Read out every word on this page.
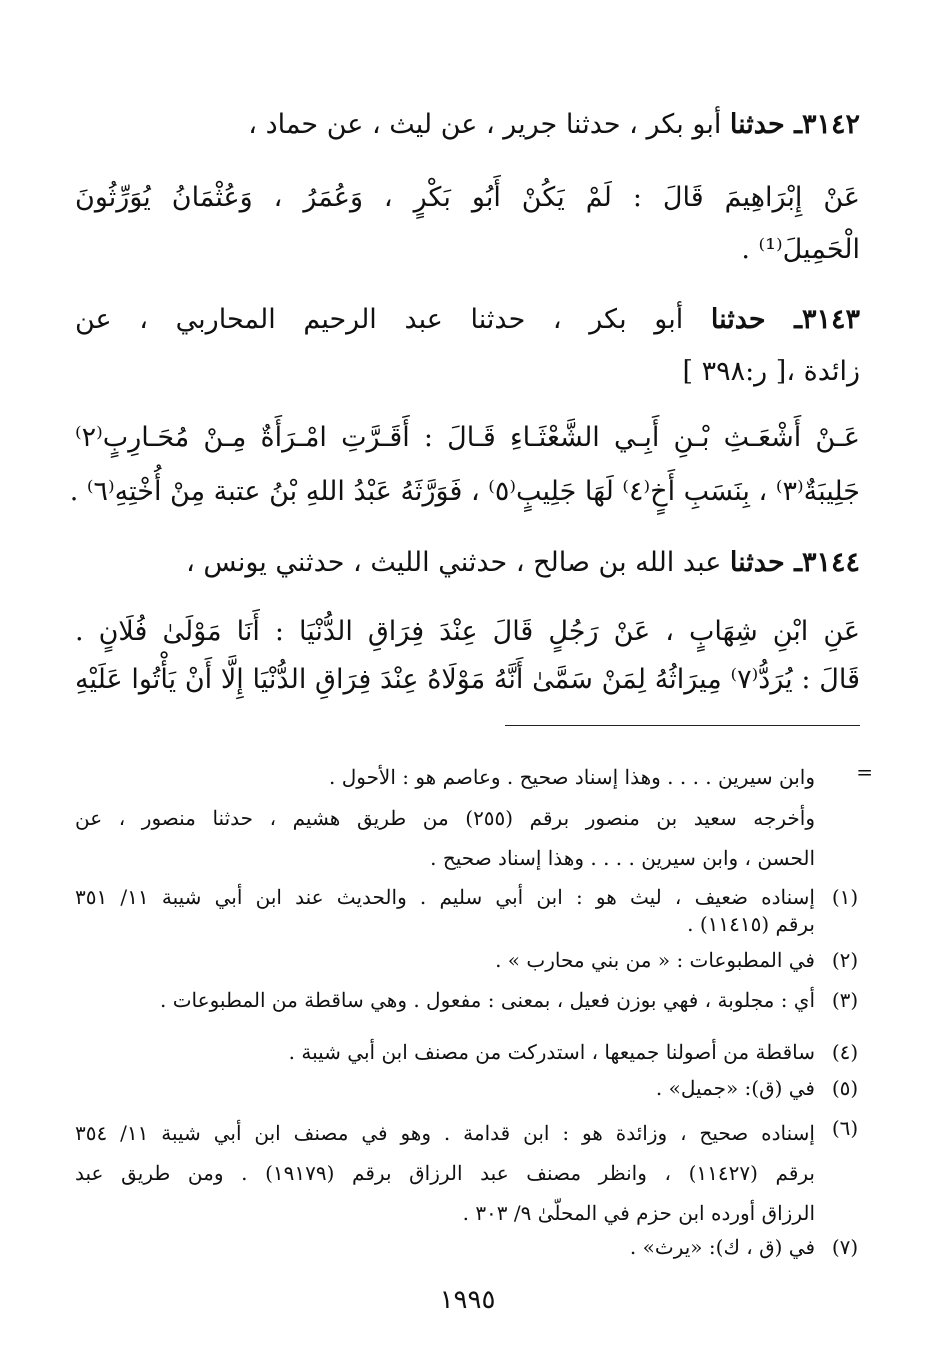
٣١٤٢ـ حدثنا أبو بكر ، حدثنا جرير ، عن ليث ، عن حماد ،
عَنْ إِبْرَاهِيمَ قَالَ : لَمْ يَكُنْ أَبُو بَكْرٍ ، وَعُمَرُ ، وَعُثْمَانُ يُوَرِّثُونَ
الْحَمِيلَ⁽¹⁾ .
٣١٤٣ـ حدثنا أبو بكر ، حدثنا عبد الرحيم المحاربي ، عن
زائدة ،[ ر:٣٩٨ ]
عَـنْ أَشْعَـثِ بْـنِ أَبِـي الشَّعْثَـاءِ قَـالَ : أَقَـرَّتِ امْـرَأَةٌ مِـنْ مُحَـارِبٍ⁽٢⁾
جَلِيبَةٌ⁽٣⁾ ، بِنَسَبِ أَخٍ⁽٤⁾ لَهَا جَلِيبٍ⁽٥⁾ ، فَوَرَّثَهُ عَبْدُ اللهِ بْنُ عتبة مِنْ أُخْتِهِ⁽٦⁾ .
٣١٤٤ـ حدثنا عبد الله بن صالح ، حدثني الليث ، حدثني يونس ،
عَنِ ابْنِ شِهَابٍ ، عَنْ رَجُلٍ قَالَ عِنْدَ فِرَاقِ الدُّنْيَا : أَنَا مَوْلَىٰ فُلَانٍ .
قَالَ : يُرَدُّ⁽٧⁾ مِيرَاثُهُ لِمَنْ سَمَّىٰ أَنَّهُ مَوْلَاهُ عِنْدَ فِرَاقِ الدُّنْيَا إِلَّا أَنْ يَأْتُوا عَلَيْهِ
=
وابن سيرين . . . . وهذا إسناد صحيح . وعاصم هو : الأحول .
وأخرجه سعيد بن منصور برقم (٢٥٥) من طريق هشيم ، حدثنا منصور ، عن
الحسن ، وابن سيرين . . . . وهذا إسناد صحيح .
(١)
إسناده ضعيف ، ليث هو : ابن أبي سليم . والحديث عند ابن أبي شيبة ١١/ ٣٥١
برقم (١١٤١٥) .
(٢)
في المطبوعات : « من بني محارب » .
(٣)
أي : مجلوبة ، فهي بوزن فعيل ، بمعنى : مفعول . وهي ساقطة من المطبوعات .
(٤)
ساقطة من أصولنا جميعها ، استدركت من مصنف ابن أبي شيبة .
(٥)
في (ق): «جميل» .
(٦)
إسناده صحيح ، وزائدة هو : ابن قدامة . وهو في مصنف ابن أبي شيبة ١١/ ٣٥٤
برقم (١١٤٢٧) ، وانظر مصنف عبد الرزاق برقم (١٩١٧٩) . ومن طريق عبد
الرزاق أورده ابن حزم في المحلّىٰ ٩/ ٣٠٣ .
(٧)
في (ق ، ك): «يرث» .
١٩٩٥
